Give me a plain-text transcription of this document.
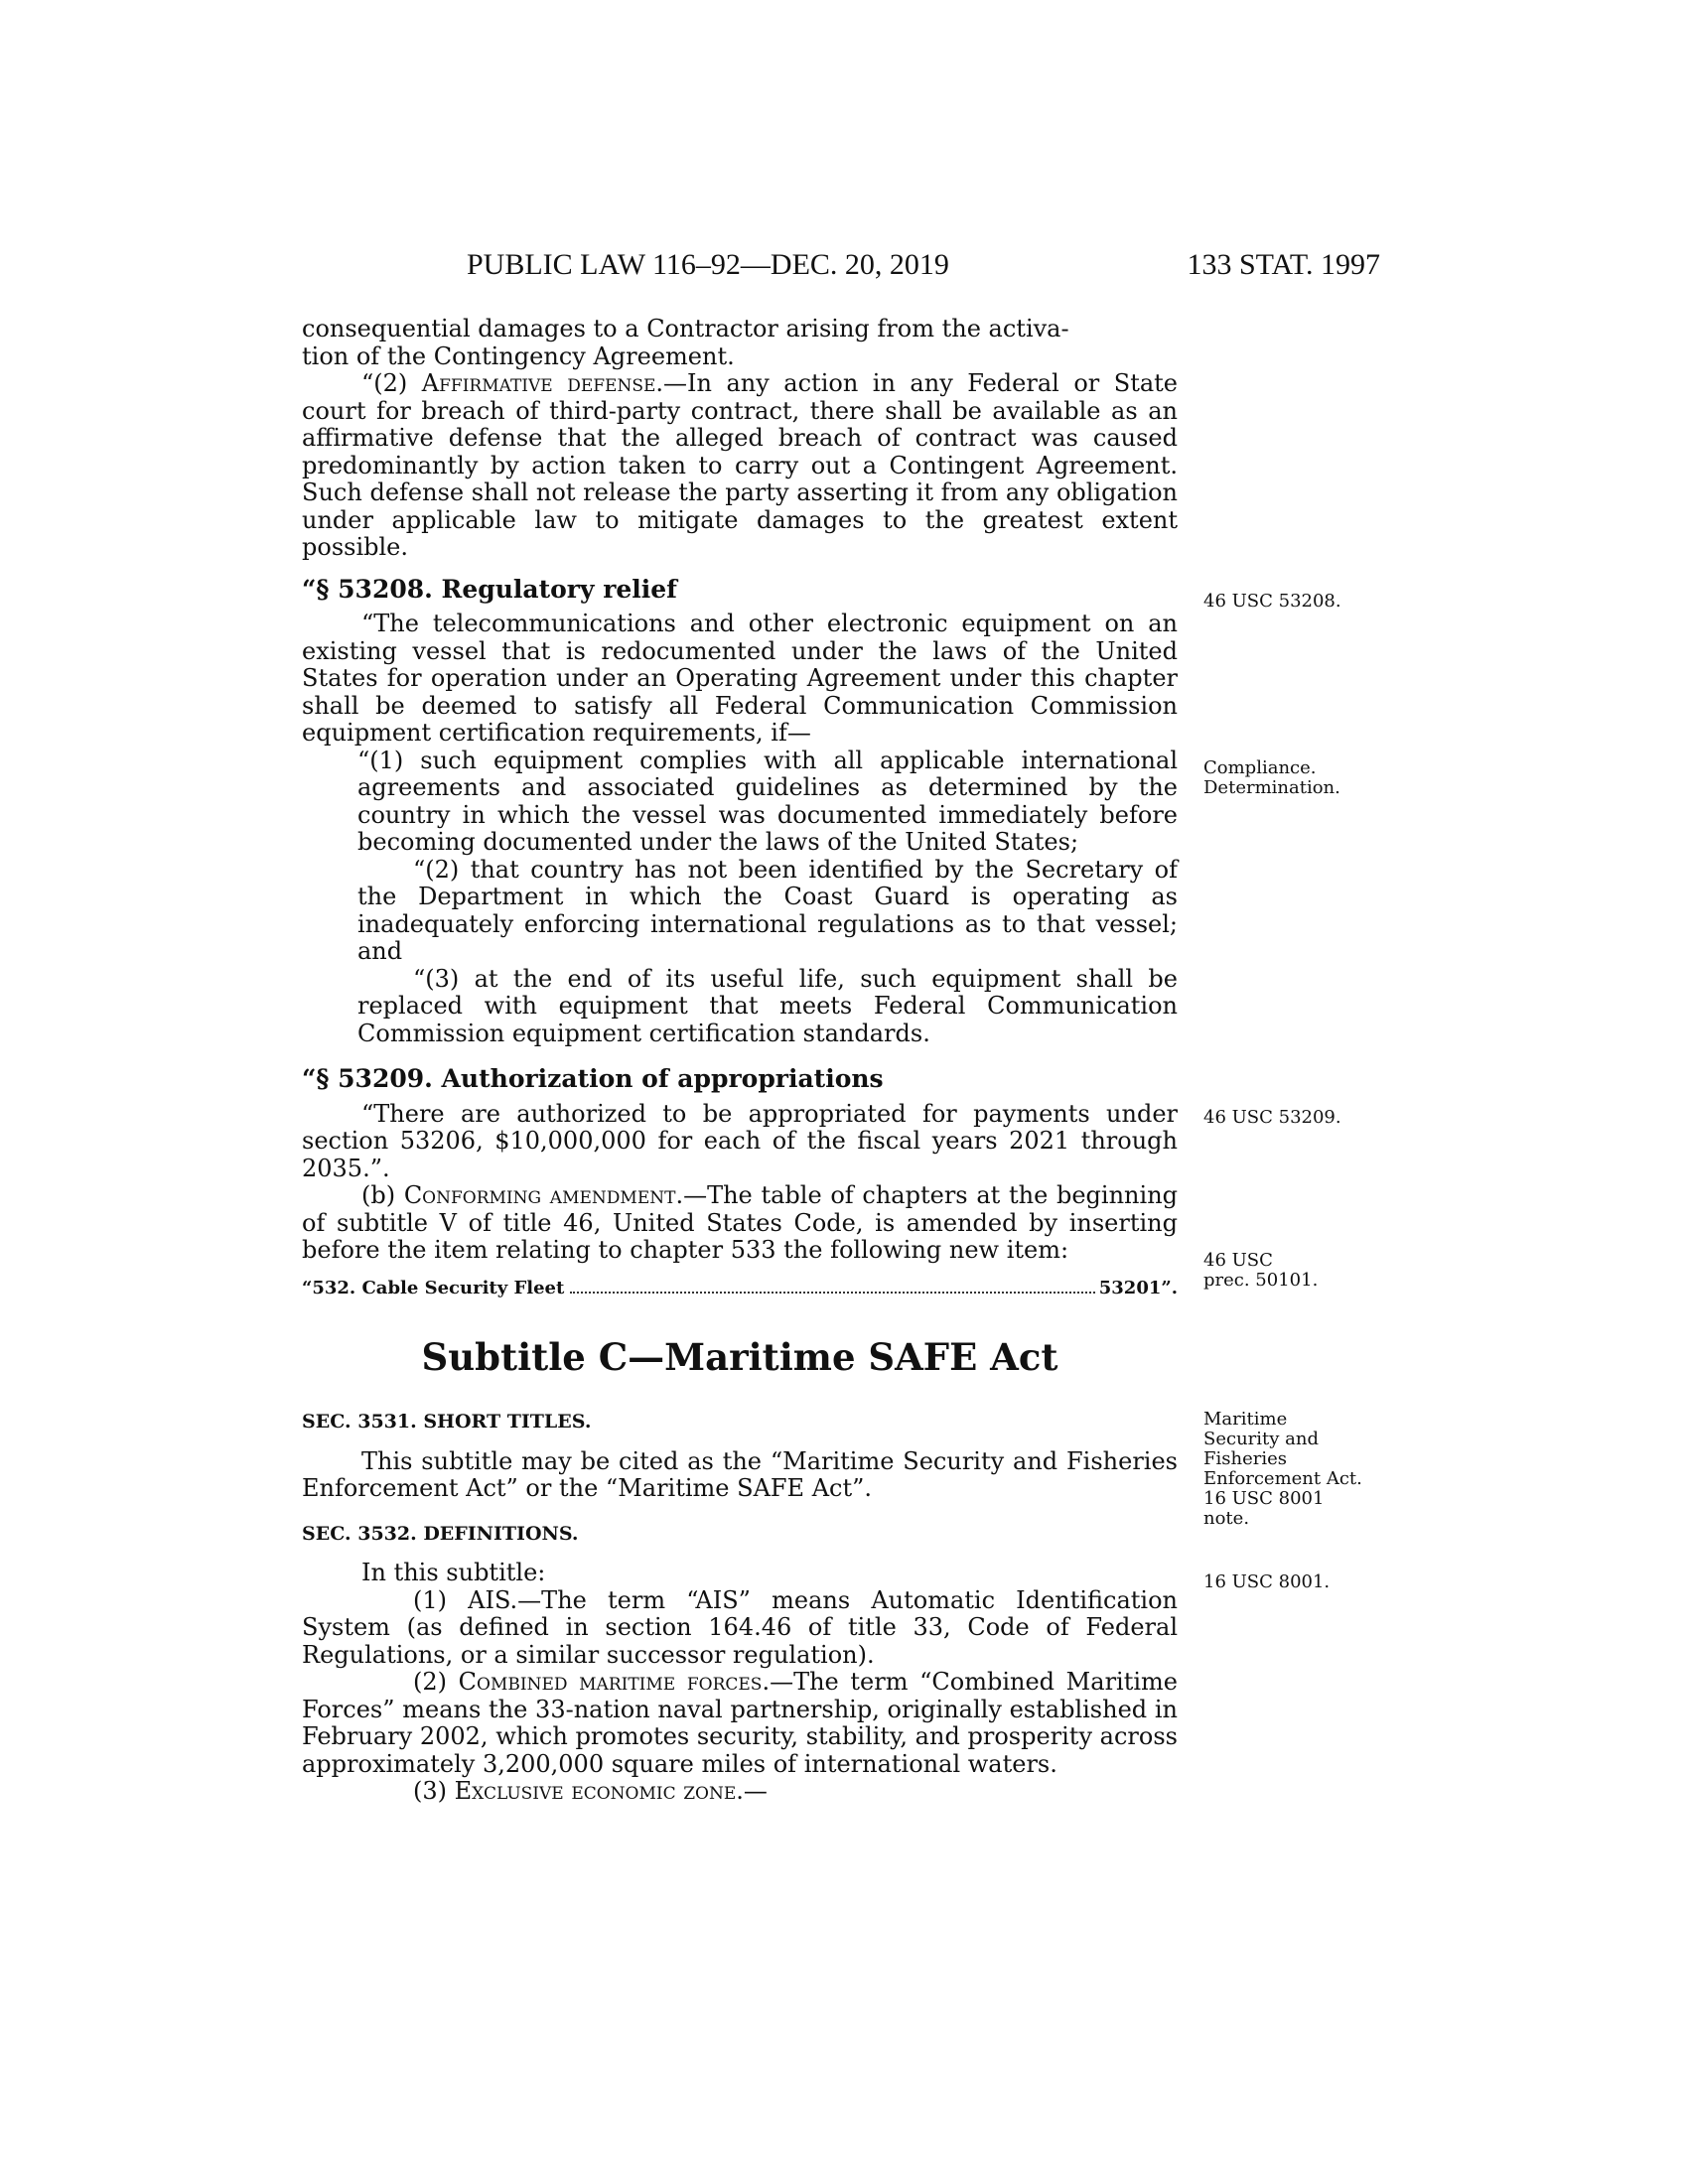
PUBLIC LAW 116–92—DEC. 20, 2019	133 STAT. 1997

consequential damages to a Contractor arising from the activa-
tion of the Contingency Agreement.

“(2) Affirmative defense.—In any action in any Federal or State court for breach of third-party contract, there shall be available as an affirmative defense that the alleged breach of contract was caused predominantly by action taken to carry out a Contingent Agreement. Such defense shall not release the party asserting it from any obligation under applicable law to mitigate damages to the greatest extent possible.

“§ 53208. Regulatory relief

“The telecommunications and other electronic equipment on an existing vessel that is redocumented under the laws of the United States for operation under an Operating Agreement under this chapter shall be deemed to satisfy all Federal Communication Commission equipment certification requirements, if—

“(1) such equipment complies with all applicable international agreements and associated guidelines as determined by the country in which the vessel was documented immediately before becoming documented under the laws of the United States;

“(2) that country has not been identified by the Secretary of the Department in which the Coast Guard is operating as inadequately enforcing international regulations as to that vessel; and

“(3) at the end of its useful life, such equipment shall be replaced with equipment that meets Federal Communication Commission equipment certification standards.

“§ 53209. Authorization of appropriations

“There are authorized to be appropriated for payments under section 53206, $10,000,000 for each of the fiscal years 2021 through 2035.”.

(b) Conforming amendment.—The table of chapters at the beginning of subtitle V of title 46, United States Code, is amended by inserting before the item relating to chapter 533 the following new item:

“532. Cable Security Fleet	53201”.
Subtitle C—Maritime SAFE Act
SEC. 3531. SHORT TITLES.

This subtitle may be cited as the “Maritime Security and Fisheries Enforcement Act” or the “Maritime SAFE Act”.

SEC. 3532. DEFINITIONS.

In this subtitle:

(1) AIS.—The term “AIS” means Automatic Identification System (as defined in section 164.46 of title 33, Code of Federal Regulations, or a similar successor regulation).

(2) Combined maritime forces.—The term “Combined Maritime Forces” means the 33-nation naval partnership, originally established in February 2002, which promotes security, stability, and prosperity across approximately 3,200,000 square miles of international waters.

(3) Exclusive economic zone.—

46 USC 53208.
Compliance.
Determination.
46 USC 53209.
46 USC
prec. 50101.
Maritime
Security and
Fisheries
Enforcement Act.
16 USC 8001
note.
16 USC 8001.
